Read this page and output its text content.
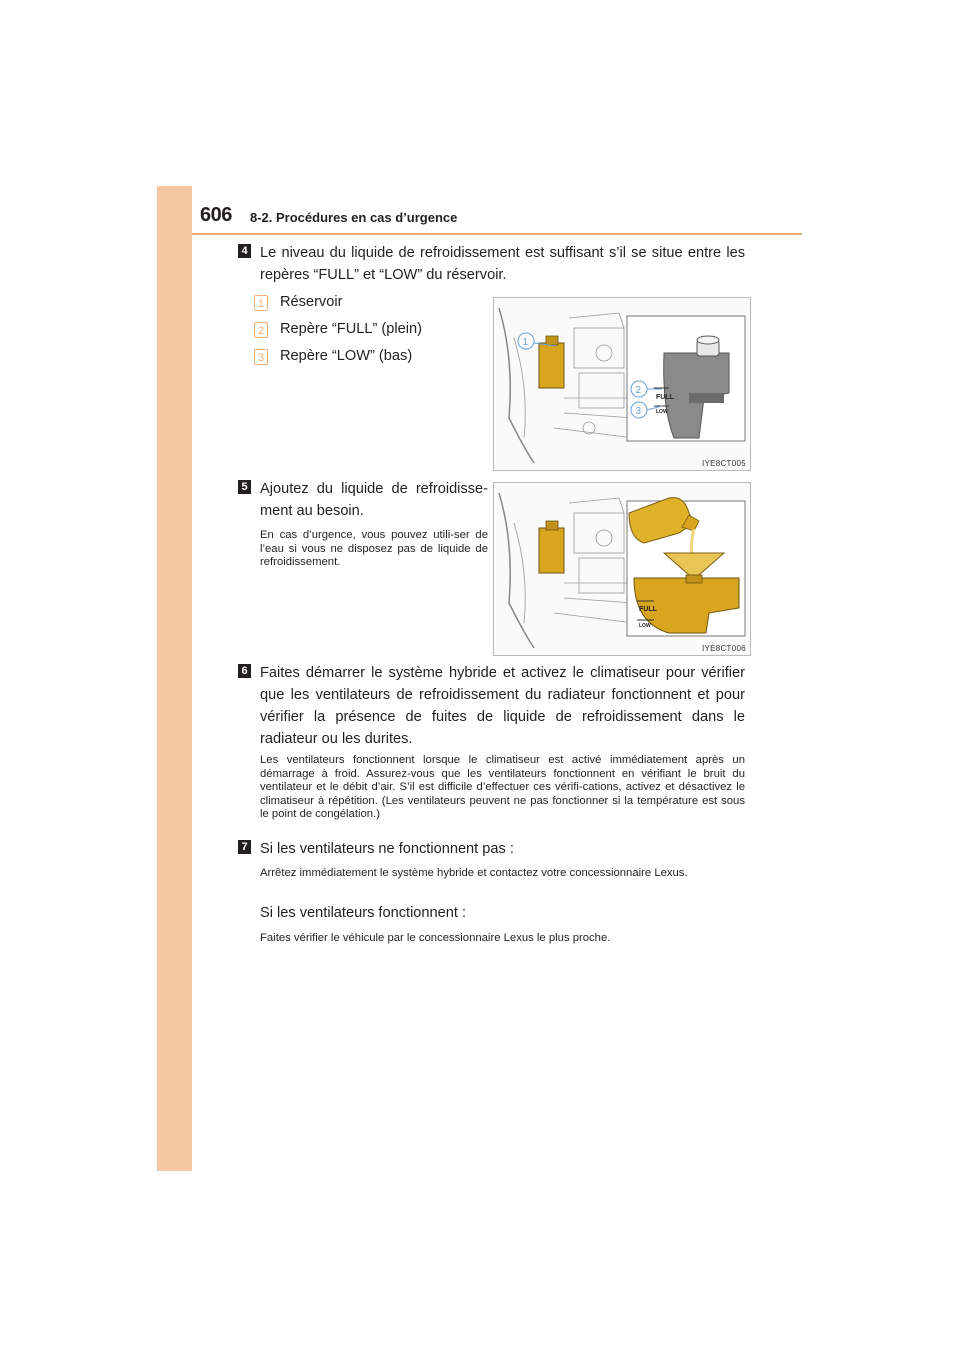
606 8-2. Procédures en cas d’urgence
4 Le niveau du liquide de refroidissement est suffisant s’il se situe entre les repères “FULL” et “LOW” du réservoir.
1 Réservoir
2 Repère “FULL” (plein)
3 Repère “LOW” (bas)
FULL
LOW
1
2
3
IYE8CT005
5 Ajoutez du liquide de refroidisse-ment au besoin.
En cas d’urgence, vous pouvez utili-ser de l’eau si vous ne disposez pas de liquide de refroidissement.
FULL
LOW
IYE8CT006
6 Faites démarrer le système hybride et activez le climatiseur pour vérifier que les ventilateurs de refroidissement du radiateur fonctionnent et pour vérifier la présence de fuites de liquide de refroidissement dans le radiateur ou les durites.
Les ventilateurs fonctionnent lorsque le climatiseur est activé immédiatement après un démarrage à froid. Assurez-vous que les ventilateurs fonctionnent en vérifiant le bruit du ventilateur et le débit d’air. S’il est difficile d’effectuer ces vérifi-cations, activez et désactivez le climatiseur à répétition. (Les ventilateurs peuvent ne pas fonctionner si la température est sous le point de congélation.)
7 Si les ventilateurs ne fonctionnent pas :
Arrêtez immédiatement le système hybride et contactez votre concessionnaire Lexus.
Si les ventilateurs fonctionnent :
Faites vérifier le véhicule par le concessionnaire Lexus le plus proche.
